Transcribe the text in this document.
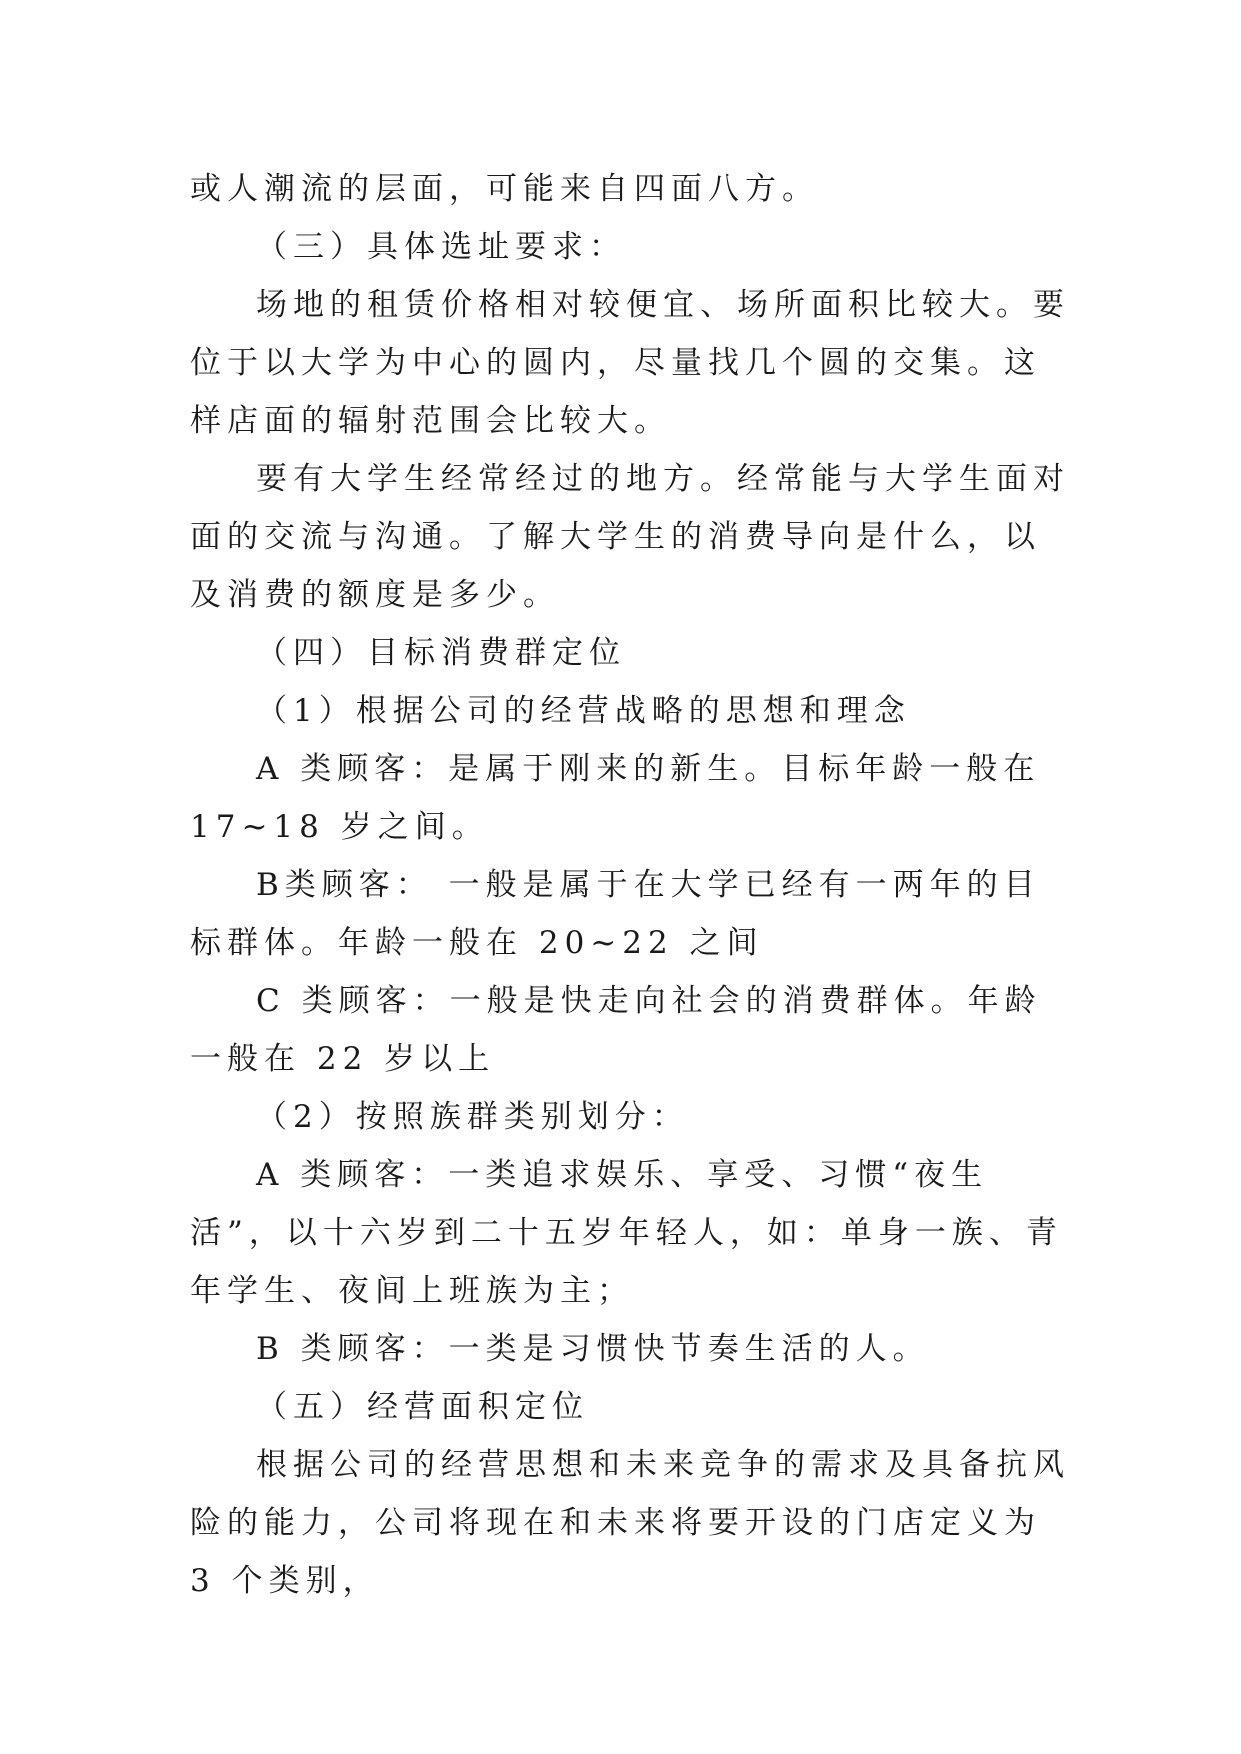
或人潮流的层面，可能来自四面八方。

（三）具体选址要求：

场地的租赁价格相对较便宜、场所面积比较大。要位于以大学为中心的圆内，尽量找几个圆的交集。这样店面的辐射范围会比较大。

要有大学生经常经过的地方。经常能与大学生面对面的交流与沟通。了解大学生的消费导向是什么，以及消费的额度是多少。

（四）目标消费群定位

（1）根据公司的经营战略的思想和理念

A 类顾客：是属于刚来的新生。目标年龄一般在 17~18 岁之间。

B类顾客： 一般是属于在大学已经有一两年的目标群体。年龄一般在 20~22 之间

C 类顾客：一般是快走向社会的消费群体。年龄一般在 22 岁以上

（2）按照族群类别划分：

A 类顾客：一类追求娱乐、享受、习惯“夜生活”，以十六岁到二十五岁年轻人，如：单身一族、青年学生、夜间上班族为主；

B 类顾客：一类是习惯快节奏生活的人。

（五）经营面积定位

根据公司的经营思想和未来竞争的需求及具备抗风险的能力，公司将现在和未来将要开设的门店定义为 3 个类别，
